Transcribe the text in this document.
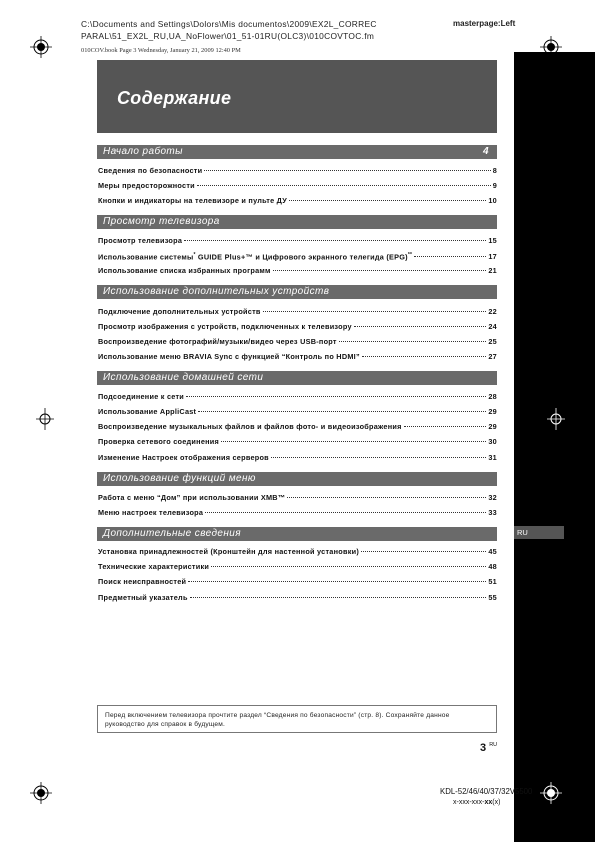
C:\Documents and Settings\Dolors\Mis documentos\2009\EX2L_CORREC
PARAL\51_EX2L_RU,UA_NoFlower\01_51-01RU(OLC3)\010COVTOC.fm
masterpage:Left
010COV.book Page 3 Wednesday, January 21, 2009 12:40 PM
RU
Содержание
Начало работы	4
Сведения по безопасности	8
Меры предосторожности	9
Кнопки и индикаторы на телевизоре и пульте ДУ	10
Просмотр телевизора
Просмотр телевизора	15
Использование системы* GUIDE Plus+™ и Цифрового экранного телегида (EPG)**	17
Использование списка избранных программ	21
Использование дополнительных устройств
Подключение дополнительных устройств	22
Просмотр изображения с устройств, подключенных к телевизору	24
Воспроизведение фотографий/музыки/видео через USB-порт	25
Использование меню BRAVIA Sync с функцией “Контроль по HDMI”	27
Использование домашней сети
Подсоединение к сети	28
Использование AppliCast	29
Воспроизведение музыкальных файлов и файлов фото- и видеоизображения	29
Проверка сетевого соединения	30
Изменение Настроек отображения серверов	31
Использование функций меню
Работа с меню “Дом” при использовании XMB™	32
Меню настроек телевизора	33
Дополнительные сведения
Установка принадлежностей (Кронштейн для настенной установки)	45
Технические характеристики	48
Поиск неисправностей	51
Предметный указатель	55
Перед включением телевизора прочтите раздел “Сведения по безопасности” (стр. 8). Сохраняйте данное руководство для справок в будущем.
3 $^{RU}$
KDL-52/46/40/37/32V5500
x-xxx-xxx-xx(x)
